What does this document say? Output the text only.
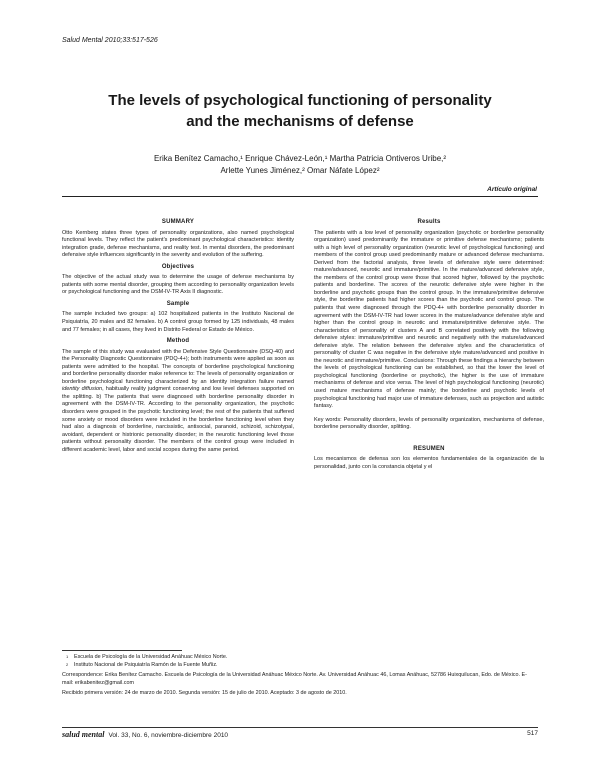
Salud Mental 2010;33:517-526
The levels of psychological functioning of personality
and the mechanisms of defense
Erika Benítez Camacho,¹ Enrique Chávez-León,¹ Martha Patricia Ontiveros Uribe,²
Arlette Yunes Jiménez,² Omar Náfate López²
Artículo original
SUMMARY

Otto Kernberg states three types of personality organizations, also named psychological functional levels. They reflect the patient's predominant psychological characteristics: identity integration grade, defense mechanisms, and reality test. In mental disorders, the predominant defensive style influences significantly in the severity and evolution of the suffering.

Objectives

The objective of the actual study was to determine the usage of defense mechanisms by patients with some mental disorder, grouping them according to personality organization levels or psychological functioning and the DSM-IV-TR Axis II diagnostic.

Sample

The sample included two groups: a) 102 hospitalized patients in the Instituto Nacional de Psiquiatría, 20 males and 82 females. b) A control group formed by 125 individuals, 48 males and 77 females; in all cases, they lived in Distrito Federal or Estado de México.

Method

The sample of this study was evaluated with the Defensive Style Questionnaire (DSQ-40) and the Personality Diagnostic Questionnaire (PDQ-4+); both instruments were applied as soon as patients were admitted to the hospital. The concepts of borderline psychological functioning and borderline personality disorder make reference to: The levels of personality organization or borderline psychological functioning characterized by an identity integration failure named identity diffusion, habitually reality judgment conserving and low level defenses supported on the splitting. b) The patients that were diagnosed with borderline personality disorder in agreement with the DSM-IV-TR. According to the personality organization, the psychotic disorders were grouped in the psychotic functioning level; the rest of the patients that suffered some anxiety or mood disorders were included in the borderline functioning level when they had also a diagnosis of borderline, narcissistic, antisocial, paranoid, schizoid, schizotypal, avoidant, dependent or histrionic personality disorder; in the neurotic functioning level those patients without personality disorder. The members of the control group were included in different academic level, labor and social scopes during the same period.

Results

The patients with a low level of personality organization (psychotic or borderline personality organization) used predominantly the immature or primitive defense mechanisms; patients with a high level of personality organization (neurotic level of psychological functioning) and members of the control group used predominantly mature or advanced defense mechanisms. Derived from the factorial analysis, three levels of defensive style were determined: mature/advanced, neurotic and immature/primitive. In the mature/advanced defensive style, the members of the control group were those that scored higher, followed by the psychotic patients and borderline. The scores of the neurotic defensive style were higher in the borderline and psychotic groups than the control group. In the immature/primitive defensive style, the borderline patients had higher scores than the psychotic and control group. The patients that were diagnosed through the PDQ-4+ with borderline personality disorder in agreement with the DSM-IV-TR had lower scores in the mature/advance defensive style and higher than the control group in neurotic and immature/primitive defensive style. The characteristics of personality of clusters A and B correlated positively with the following defensive styles: immature/primitive and neurotic and negatively with the mature/advanced defensive style. The relation between the defensive styles and the characteristics of personality of cluster C was negative in the defensive style mature/advanced and positive in the neurotic and immature/primitive. Conclusions: Through these findings a hierarchy between the levels of psychological functioning can be established, so that the lower the level of psychological functioning (borderline or psychotic), the higher is the use of immature mechanisms of defense and vice versa. The level of high psychological functioning (neurotic) used mature mechanisms of defense mainly; the borderline and psychotic levels of psychological functioning had major use of immature defenses, such as projection and autistic fantasy.

Key words: Personality disorders, levels of personality organization, mechanisms of defense, borderline personality disorder, splitting.

RESUMEN

Los mecanismos de defensa son los elementos fundamentales de la organización de la personalidad, junto con la constancia objetal y el

1 Escuela de Psicología de la Universidad Anáhuac México Norte.
2 Instituto Nacional de Psiquiatría Ramón de la Fuente Muñiz.

Correspondence: Erika Benítez Camacho. Escuela de Psicología de la Universidad Anáhuac México Norte. Av. Universidad Anáhuac 46, Lomas Anáhuac, 52786 Huixquilucan, Edo. de México. E-mail: erikabenitez@gmail.com

Recibido primera versión: 24 de marzo de 2010. Segunda versión: 15 de julio de 2010. Aceptado: 3 de agosto de 2010.

salud mental Vol. 33, No. 6, noviembre-diciembre 2010	517
